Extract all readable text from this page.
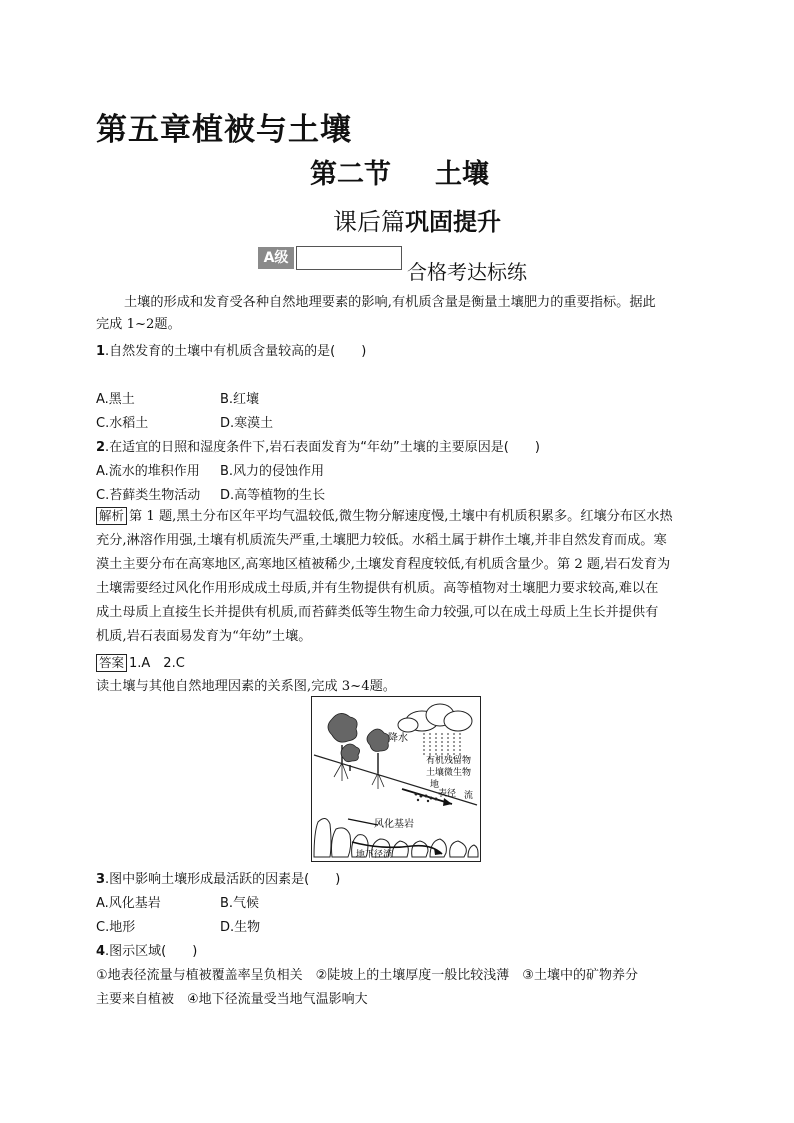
第五章植被与土壤
第二节 土壤
课后篇巩固提升
A级
合格考达标练
土壤的形成和发育受各种自然地理要素的影响,有机质含量是衡量土壤肥力的重要指标。据此
完成 1~2题。
1.自然发育的土壤中有机质含量较高的是(　　)
A.黑土	B.红壤
C.水稻土	D.寒漠土
2.在适宜的日照和湿度条件下,岩石表面发育为“年幼”土壤的主要原因是(　　)
A.流水的堆积作用 B.风力的侵蚀作用
C.苔藓类生物活动 D.高等植物的生长
解析 第 1 题,黑土分布区年平均气温较低,微生物分解速度慢,土壤中有机质积累多。红壤分布区水热
充分,淋溶作用强,土壤有机质流失严重,土壤肥力较低。水稻土属于耕作土壤,并非自然发育而成。寒
漠土主要分布在高寒地区,高寒地区植被稀少,土壤发育程度较低,有机质含量少。第 2 题,岩石发育为
土壤需要经过风化作用形成成土母质,并有生物提供有机质。高等植物对土壤肥力要求较高,难以在
成土母质上直接生长并提供有机质,而苔藓类低等生物生命力较强,可以在成土母质上生长并提供有
机质,岩石表面易发育为“年幼”土壤。
答案 1.A　2.C
读土壤与其他自然地理因素的关系图,完成 3~4题。
降水
有机残留物
土壤微生物
地
表径 流
风化基岩
地下径流
3.图中影响土壤形成最活跃的因素是(　　)
A.风化基岩	B.气候
C.地形	D.生物
4.图示区域(　　)
①地表径流量与植被覆盖率呈负相关　②陡坡上的土壤厚度一般比较浅薄　③土壤中的矿物养分
主要来自植被　④地下径流量受当地气温影响大
